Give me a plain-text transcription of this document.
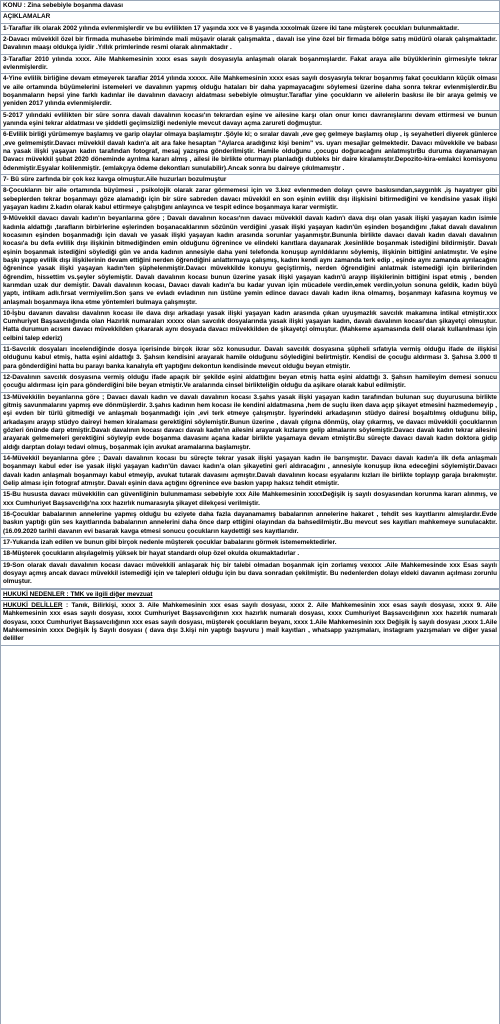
KONU : Zina sebebiyle boşanma davası
AÇIKLAMALAR
1-Taraflar ilk olarak 2002 yılında evlenmişlerdir ve bu evlilikten 17 yaşında xxx ve 8 yaşında xxxolmak üzere iki tane müşterek çocukları bulunmaktadır.
2-Davacı müvekkil özel bir firmada muhasebe biriminde mali müşavir olarak çalışmakta , davalı ise yine özel bir firmada bölge satış müdürü olarak çalışmaktadır. Davalının maaşı oldukça iyidir .Yıllık primlerinde resmi olarak alınmaktadır .
3-Taraflar 2010 yılında xxxx. Aile Mahkemesinin xxxx esas sayılı dosyasıyla anlaşmalı olarak boşanmışlardır. Fakat araya aile büyüklerinin girmesiyle tekrar evlenmişlerdir.
4-Yine evlilik birliğine devam etmeyerek taraflar 2014 yılında xxxxx. Aile Mahkemesinin xxxx esas sayılı dosyasıyla tekrar boşanmış fakat çocukların küçük olması ve aile ortamında büyümelerini istemeleri ve davalının yapmış olduğu hataları bir daha yapmayacağını söylemesi üzerine daha sonra tekrar evlenmişlerdir.Bu boşanmaların hepsi yine farklı kadınlar ile davalının davacıyı aldatması sebebiyle olmuştur.Taraflar yine çocukların ve ailelerin baskısı ile bir araya gelmiş ve yeniden 2017 yılında evlenmişlerdir.
5-2017 yılındaki evlilikten bir süre sonra davalı davalının kocası'ın tekrardan eşine ve ailesine karşı olan onur kırıcı davranışlarını devam ettirmesi ve bunun yanında eşini tekrar aldatması ve şiddetli geçimsizliği nedeniyle mevcut davayı açma zarureti doğmuştur.
6-Evlilik birliği yürümemye başlamış ve garip olaylar olmaya başlamıştır .Şöyle ki; o sıralar davalı ,eve geç gelmeye başlamış olup , iş seyahetleri diyerek günlerce ,eve gelmemiştir.Davacı müvekkil davalı kadın'a ait ara fake hesaptan "Aylarca aradığınız kişi benim" vs. uyarı mesajlar gelmektedir. Davacı müvekkile ve babası na yasak ilişki yaşayan kadın tarafından fotograf, mesaj yazışma gönderilmiştir. Hamile olduğunu ,çocugu doğuracağını anlatmıştırBu duruma dayanamayan Davacı müvekkil şubat 2020 döneminde ayrılma kararı almış , ailesi ile birlikte oturmayı planladığı dubleks bir daire kiralamıştır.Depozito-kira-emlakci komisyonu ödenmiştir.Eşyalar kolilenmiştir. (emlakçıya ödeme dekontları sunulabilir).Ancak sonra bu daireye çıkılmamıştır .
7- Bü süre zarfında bir çok kez kavga olmuştur.Aile huzurları bozulmuştur
8-Çocukların bir aile ortamında büyümesi , psikolojik olarak zarar görmemesi için ve 3.kez evlenmeden dolayı çevre baskısından,saygınlık ,iş hayatıyer gibi sebeplerden tekrar boşanmayı göze alamadığı için bir süre sabreden davacı müvekkil en son eşinin evlilik dışı ilişkisini bitirmediğini ve kendisine yasak ilişki yaşayan kadını 2.kadın olarak kabul ettirmeye çalıştığını anlayınca ve tespit edince boşanmaya karar vermiştir.
9-Müvekkil davacı davalı kadın'ın beyanlarına göre ; Davalı davalının kocası'nın davacı müvekkil davalı kadın'ı dava dışı olan yasak ilişki yaşayan kadın isimle kadınla aldattığı ,tarafların birbirlerine eşlerinden boşanacaklarının sözünün verdiğini ,yasak ilişki yaşayan kadın'ün eşinden boşandığını ,fakat davalı davalının kocasının eşinden boşanmadığı için davalı ve yasak ilişki yaşayan kadın arasında sorunlar yaşanmıştır.Bununla birlikte davacı davalı kadın davalı davalının kocası'a bu defa evlilik dışı ilişkinin bitmediğinden emin olduğunu öğrenince ve elindeki kanıtlara dayanarak ,kesinlikle boşanmak istediğini bildirmiştir. Davalı eşinin boşanmak istediğini söylediği gün ve anda kadının annesiyle daha yeni telefonda konuşup ayrıldıklarını söylemiş, ilişkinin bittiğini anlatmıştır. Ve eşine başkı yapıp evlilik dışı ilişkilerinin devam ettiğini nerden öğrendiğini anlattırmaya çalışmış, kadını kendi aynı zamanda terk edip , eşinde aynı zamanda ayrılacağını öğrenince yasak ilişki yaşayan kadın'ten şüphelenmiştir.Davacı müvekkilde konuyu geçiştirmiş, nerden öğrendiğini anlatmak istemediği için birilerinden öğrendim, hissettim vs.şeyler söylemiştir. Davalı davalının kocası bunun üzerine yasak ilişki yaşayan kadın'ü arayıp ilişkilerinin bittiğini ispat etmiş , benden karımdan uzak dur demiştir. Davalı davalının kocası, Davacı davalı kadın'a bu kadar yuvan için mücadele verdin,emek verdin,yolun sonuna geldik, kadın büyü yaptı, intikam adlı.fırsat vermiyelim.Son şans ve evladı evladının nın üstüne yemin edince davacı davalı kadın ikna olmamış, boşanmayı kafasına koymuş ve anlaşmalı boşanmaya ikna etme yöntemleri bulmaya çalışmıştır.
10-İşbu davanın davalısı davalının kocası ile dava dışı arkadaşı yasak ilişki yaşayan kadın arasında çıkan uyuşmazlık savcılık makamına intikal etmiştir.xxx Cumhuriyet Başsavcılığında olan Hazırlık numaraları xxxxx olan savcılık dosyalarında yasak ilişki yaşayan kadın, davalı davalının kocası'dan şikayetçi olmuştur. Hatta durumun acısını davacı müvekkilden çıkararak aynı dosyada davacı müvekkilden de şikayetçi olmuştur. (Mahkeme aşamasında delil olarak kullanılması için celbini talep ederiz)
11-Savcılık dosyaları incelendiğinde dosya içerisinde birçok ikrar söz konusudur. Davalı savcılık dosyasına şüpheli sıfatıyla vermiş olduğu ifade de ilişkisi olduğunu kabul etmiş, hatta eşini aldattığı 3. Şahsın kendisini arayarak hamile olduğunu söylediğini belirtmiştir. Kendisi de çocuğu aldırması 3. Şahısa 3.000 tl para gönderdiğini hatta bu parayı banka kanalıyla eft yaptığını dekontun kendisinde mevcut olduğu beyan etmiştir.
12-Davalının savcılık dosyasına vermiş olduğu ifade apaçık bir şekilde eşini aldattığını beyan etmiş hatta eşini aldattığı 3. Şahsın hamileyim demesi sonucu çocuğu aldırması için para gönderdiğini bile beyan etmiştir.Ve aralarında cinsel birlikteliğin olduğu da aşikare olarak kabul edilmiştir.
13-Müvekkilin beyanlarına göre ; Davacı davalı kadın ve davalı davalının kocası 3.şahıs yasak ilişki yaşayan kadın tarafından bulunan suç duyurusuna birlikte gitmiş savunmalarını yapmış eve dönmüşlerdir. 3.şahıs kadının hem kocası ile kendini aldatmasına ,hem de suçlu iken dava açıp şikayet etmesini hazmedemeyip , eşi evden bir türlü gitmediği ve anlaşmalı boşanmadığı için ,evi terk etmeye çalışmıştır. İşyerindeki arkadaşının stüdyo dairesi boşaltılmış olduğunu bilip, arkadaşını arayıp stüdyo daireyi hemen kiralaması gerektiğini söylemiştir.Bunun üzerine , davalı çılgına dönmüş, olay çıkarmış, ve davacı müvekkili çocuklarının gözleri önünde darp etmiştir.Davalı davalının kocası davacı davalı kadın'ın ailesini arayarak kızlarını gelip almalarını söylemiştir.Davacı davalı kadın tekrar ailesini arayarak gelmemeleri gerektiğini söyleyip evde boşanma davasını açana kadar birlikte yaşamaya devam etmiştir.Bu süreçte davacı davalı kadın doktora gidip aldığı darptan dolayı tedavi olmuş, boşanmak için avukat aramalarına başlamıştır.
14-Müvekkil beyanlarına göre ; Davalı davalının kocası bu süreçte tekrar yasak ilişki yaşayan kadın ile barışmıştır. Davacı davalı kadın'a ilk defa anlaşmalı boşanmayı kabul eder ise yasak ilişki yaşayan kadın'ün davacı kadın'a olan şikayetini geri aldıracağını , annesiyle konuşup ikna edeceğini söylemiştir.Davacı davalı kadın anlaşmalı boşanmayı kabul etmeyip, avukat tutarak davasını açmıştır.Davalı davalının kocası eşyalarını kızları ile birlikte toplayıp garaja bırakmıştır. Gelip alması için fotograf atmıştır. Davalı eşinin dava açtığını öğrenince eve baskın yapıp haksız tehdit etmiştir.
15-Bu hususta davacı müvekkilin can güvenliğinin bulunmaması sebebiyle xxx Aile Mahkemesinin xxxxDeğişik iş sayılı dosyasından korunma kararı alınmış, ve xxx Cumhuriyet Başsavcılığı'na xxx hazırlık numarasıyla şikayet dilekçesi verilmiştir.
16-Çocuklar babalarının annelerine yapmış olduğu bu eziyete daha fazla dayanamamış babalarının annelerine hakaret , tehdit ses kayıtlarını almışlardır.Evde baskın yaptığı gün ses kayıtlarında babalarının annelerini daha önce darp ettiğini olayından da bahsedilmiştir..Bu mevcut ses kayıtları mahkemeye sunulacaktır.(16.09.2020 tarihli davanın evi basarak kavga etmesi sonucu çocukların kaydettiği ses kayıtlarıdır.
17-Yukarıda izah edilen ve bunun gibi birçok nedenle müşterek çocuklar babalarını görmek istememektedirler.
18-Müşterek çocukların alışılagelmiş yüksek bir hayat standardı olup özel okulda okumaktadırlar .
19-Son olarak davalı davalının kocası davacı müvekkili anlaşarak hiç bir talebi olmadan boşanmak için zorlamış vexxxx .Aile Mahkemesinde xxx Esas sayılı dosyayı açmış ancak davacı müvekkil istemediği için ve talepleri olduğu için bu dava sonradan çekilmiştir. Bu nedenlerden dolayı eldeki davanın açılması zorunlu olmuştur.
HUKUKİ NEDENLER : TMK ve ilgili diğer mevzuat
HUKUKİ DELİLLER : Tanık, Bilirkişi, xxxx 3. Aile Mahkemesinin xxx esas sayılı dosyası, xxxx 2. Aile Mahkemesinin xxx esas sayılı dosyası, xxxx 9. Aile Mahkemesinin xxx esas sayılı dosyası, xxxx Cumhuriyet Başsavcılığının xxx hazırlık numaralı dosyası, xxxx Cumhuriyet Başsavcılığının xxx hazırlık numaralı dosyası, xxxx Cumhuriyet Başsavcılığının xxx esas sayılı dosyası, müşterek çocukların beyanı, xxxx 1.Aile Mahkemesinin xxx Değişik İş sayılı dosyası ,xxxx 1.Aile Mahkemesinin xxxx Değişik İş Sayılı dosyası ( dava dışı 3.kişi nin yaptığı başvuru ) mail kayıtları , whatsapp yazışmaları, instagram yazışmaları ve diğer yasal deliller
